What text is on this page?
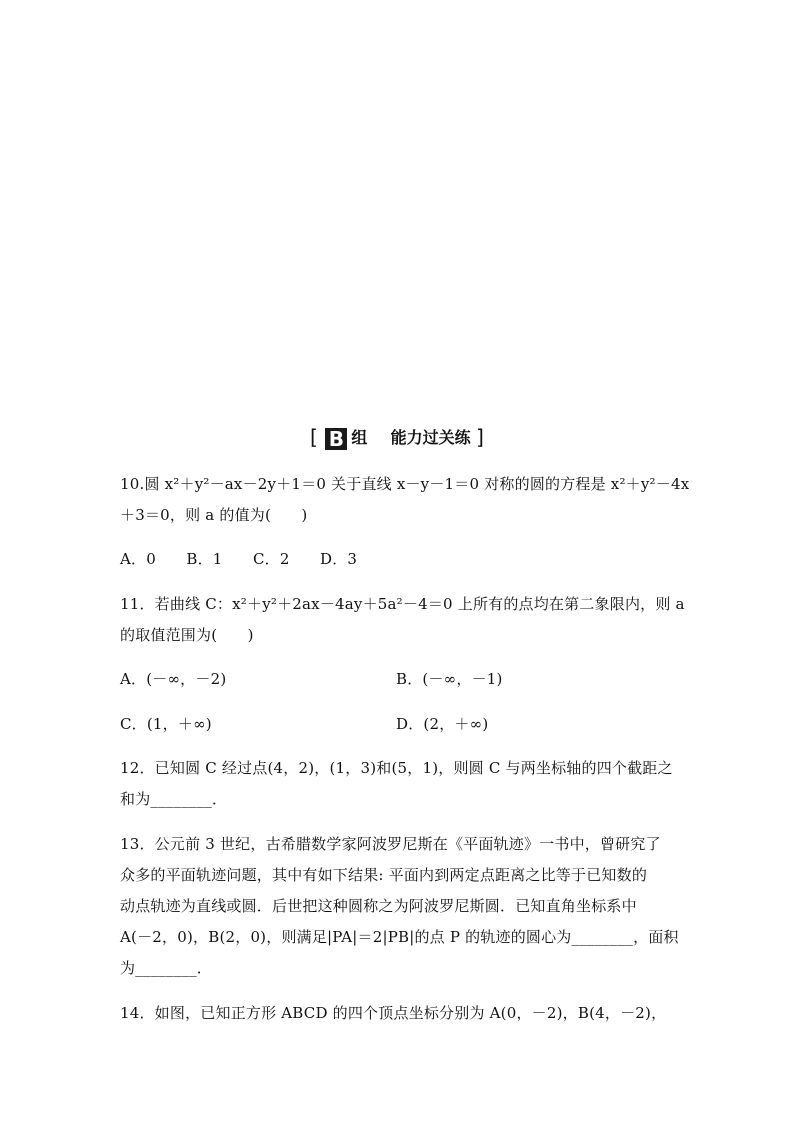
[ B 组 能力过关练 ]
10.圆 x²＋y²－ax－2y＋1＝0 关于直线 x－y－1＝0 对称的圆的方程是 x²＋y²－4x
＋3＝0，则 a 的值为(　　)
A．0　　B．1　　C．2　　D．3
11．若曲线 C：x²＋y²＋2ax－4ay＋5a²－4＝0 上所有的点均在第二象限内，则 a
的取值范围为(　　)
A．(－∞，－2)	B．(－∞，－1)
C．(1，＋∞)	D．(2，＋∞)
12．已知圆 C 经过点(4，2)，(1，3)和(5，1)，则圆 C 与两坐标轴的四个截距之
和为________．
13．公元前 3 世纪，古希腊数学家阿波罗尼斯在《平面轨迹》一书中，曾研究了
众多的平面轨迹问题，其中有如下结果: 平面内到两定点距离之比等于已知数的
动点轨迹为直线或圆．后世把这种圆称之为阿波罗尼斯圆．已知直角坐标系中
A(－2，0)，B(2，0)，则满足|PA|＝2|PB|的点 P 的轨迹的圆心为________，面积
为________．
14．如图，已知正方形 ABCD 的四个顶点坐标分别为 A(0，－2)，B(4，－2)，
